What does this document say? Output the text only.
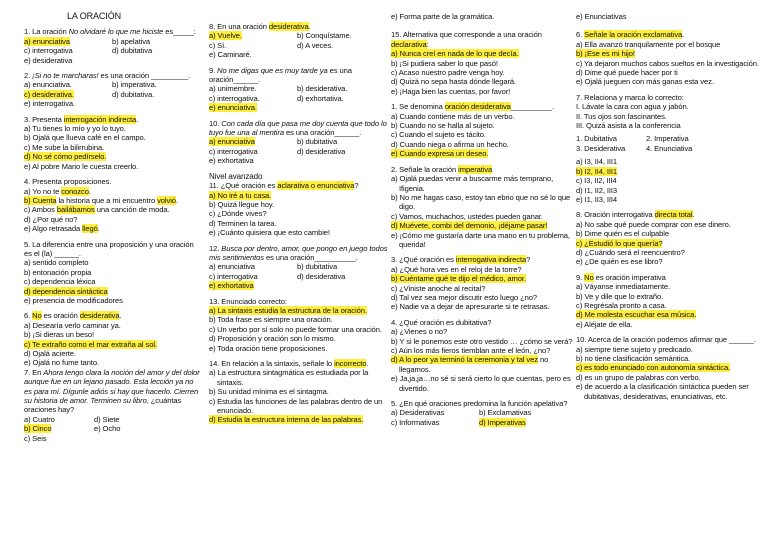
LA ORACIÓN
1. La oración No olvidaré lo que me hiciste es_____:
a) enunciativa	b) apelativa
c) interrogativa	d) dubitativa
e) desiderativa
2. ¡Si no te marcharas! es una oración _________.
a) enunciativa.	b) imperativa.
c) desiderativa.	d) dubitativa.
e) interrogativa.
3. Presenta interrogación indirecta.
a) Tu tienes lo mío y yo lo tuyo.
b) Ojalá que llueva café en el campo.
c) Me sube la bilirrubina.
d) No sé cómo pedírselo.
e) Al pobre Mario le cuesta creerlo.
4. Presenta proposiciones.
a) Yo no te conozco.
b) Cuenta la historia que a mi encuentro volvió.
c) Ambos bailábamos una canción de moda.
d) ¿Por qué no?
e) Algo retrasada llegó.
5. La diferencia entre una proposición y una oración es el (la) ______.
a) sentido completo
b) entonación propia
c) dependencia léxica
d) dependencia sintáctica
e) presencia de modificadores
6. No es oración desiderativa.
a) Desearía verlo caminar ya.
b) ¡Si dieras un beso!
c) Te extraño como el mar extraña al sol.
d) Ojalá acierte.
e) Ojalá no fume tanto.
7. En Ahora tengo clara la noción del amor y del dolor aunque fue en un lejano pasado. Esta lección ya no es para mí. Dígunle adiós si hay que hacerlo. Cierren su historia de amor. Terminen su libro, ¿cuántas oraciones hay?
a) Cuatro	d) Siete
b) Cinco	e) Ocho
c) Seis
8. En una oración desiderativa.
a) Vuelve.	b) Conquístame.
c) Sí.	d) A veces.
e) Caminaré.
9. No me digas que es muy tarde ya es una oración______.
a) unimembre.	b) desiderativa.
c) interrogativa.	d) exhortativa.
e) enunciativa.
10. Con cada día que pasa me doy cuenta que todo lo tuyo fue una al mentira es una oración______.
a) enunciativa	b) dubitativa
c) interrogativa	d) desiderativa
e) exhortativa
Nivel avanzado
11. ¿Qué oración es aclarativa o enunciativa?
a) No iré a tu casa.
b) Quizá llegue hoy.
c) ¿Dónde vives?
d) Terminen la tarea.
e) ¡Cuánto quisiera que esto cambie!
12. Busca por dentro, amor, que pongo en juego todos mis sentimientos es una oración__________.
a) enunciativa	b) dubitativa
c) interrogativa	d) desiderativa
e) exhortativa
13. Enunciado correcto:
a) La sintaxis estudia la estructura de la oración.
b) Toda frase es siempre una oración.
c) Un verbo por sí solo no puede formar una oración.
d) Proposición y oración son lo mismo.
e) Toda oración tiene proposiciones.
14. En relación a la sintaxis, señale lo incorrecto.
a) La estructura sintagmática es estudiada por la sintaxis.
b) Su unidad mínima es el sintagma.
c) Estudia las funciones de las palabras dentro de un enunciado.
d) Estudia la estructura interna de las palabras.
e) Forma parte de la gramática.
15. Alternativa que corresponde a una oración declarativa:
a) Nunca creí en nada de lo que decía.
b) ¡Si pudiera saber lo que pasó!
c) Acaso nuestro padre venga hoy.
d) Quizá no sepa hasta dónde llegará.
e) ¡Haga bien las cuentas, por favor!
1. Se denomina oración desiderativa__________.
a) Cuando contiene más de un verbo.
b) Cuando no se halla al sujeto.
c) Cuando el sujeto es tácito.
d) Cuando niega o afirma un hecho.
e) Cuando expresa un deseo.
2. Señale la oración imperativa
a) Ojalá puedas venir a buscarme más temprano, Ifigenia.
b) No me hagas caso, estoy tan ebrio que no sé lo que digo.
c) Vamos, muchachos, ustedes pueden ganar.
d) Muévete, combi del demonio, ¡déjame pasar!
e) ¡Cómo me gustaría darte una mano en tu problema, querida!
3. ¿Qué oración es interrogativa indirecta?
a) ¿Qué hora ves en el reloj de la torre?
b) Cuéntame qué te dijo el médico, amor.
c) ¿Viniste anoche al recital?
d) Tal vez sea mejor discutir esto luego ¿no?
e) Nadie va a dejar de apresurarte si te retrasas.
4. ¿Qué oración es dubitativa?
a) ¿Vienes o no?
b) Y si le ponemos este otro vestido … ¿cómo se verá?
c) Aún los más fieros tiemblan ante el león, ¿no?
d) A lo peor ya terminó la ceremonia y tal vez no llegamos.
e) Ja,ja,ja…no sé si será cierto lo que cuentas, pero es divertido.
5. ¿En qué oraciones predomina la función apelativa?
a) Desiderativas	b) Exclamativas
c) Informativas	d) Imperativas
e) Enunciativas
6. Señale la oración exclamativa.
a) Ella avanzó tranquilamente por el bosque
b) ¡Ese es mi hijo!
c) Ya dejaron muchos cabos sueltos en la investigación.
d) Dime qué puede hacer por ti
e) Ojalá jueguen con más ganas esta vez.
7. Relaciona y marca lo correcto:
I. Lávate la cara con agua y jabón.
II. Tus ojos son fascinantes.
III. Quizá asista a la conferencia
1. Dubitativa	2. Imperativa
3. Desiderativa	4. Enunciativa
a) I3, II4, III1
b) I2, II4, III1
c) I3, II2, III4
d) I1, II2, III3
e) I1, II3, III4
8. Oración interrogativa directa total.
a) No sabe qué puede comprar con ese dinero.
b) Dime quién es el culpable
c) ¿Estudió lo que quería?
d) ¿Cuándo será el reencuentro?
e) ¿De quién es ese libro?
9. No es oración imperativa
a) Váyanse inmediatamente.
b) Ve y dile que lo extraño.
c) Regrésala pronto a casa.
d) Me molesta escuchar esa música.
e) Aléjate de ella.
10. Acerca de la oración podemos afirmar que ______.
a) siempre tiene sujeto y predicado.
b) no tiene clasificación semántica.
c) es todo enunciado con autonomía sintáctica.
d) es un grupo de palabras con verbo.
e) de acuerdo a la clasificación sintáctica pueden ser dubitativas, desiderativas, enunciativas, etc.
